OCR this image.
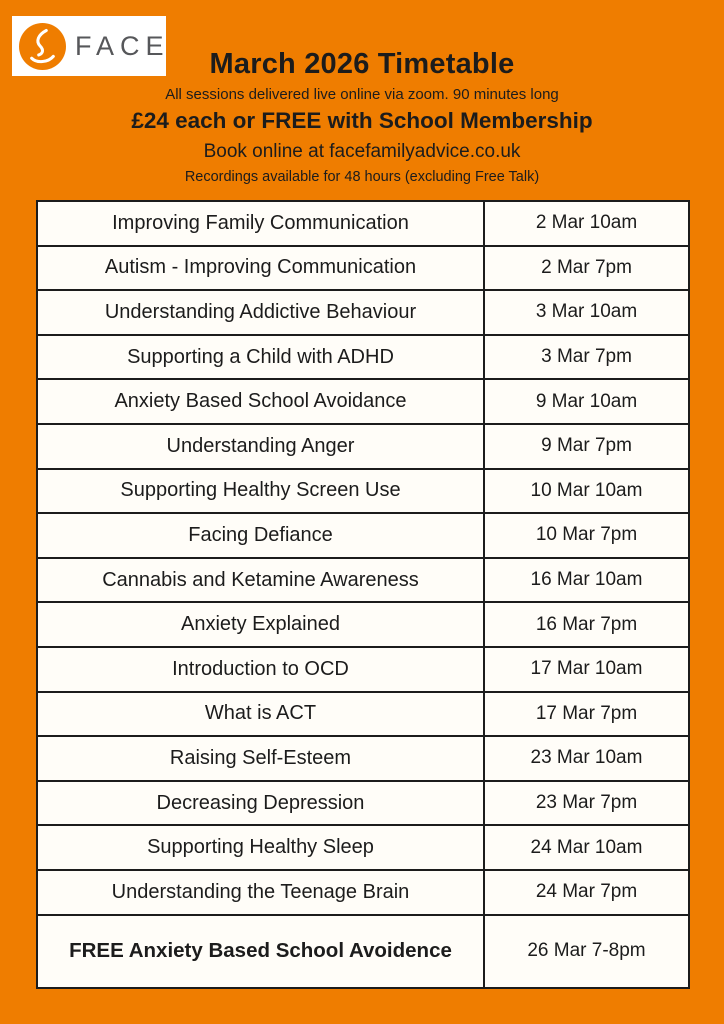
FACE
March 2026 Timetable

All sessions delivered live online via zoom. 90 minutes long

£24 each or FREE with School Membership

Book online at facefamilyadvice.co.uk

Recordings available for 48 hours (excluding Free Talk)

Improving Family Communication	2 Mar 10am
Autism - Improving Communication	2 Mar 7pm
Understanding Addictive Behaviour	3 Mar 10am
Supporting a Child with ADHD	3 Mar 7pm
Anxiety Based School Avoidance	9 Mar 10am
Understanding Anger	9 Mar 7pm
Supporting Healthy Screen Use	10 Mar 10am
Facing Defiance	10 Mar 7pm
Cannabis and Ketamine Awareness	16 Mar 10am
Anxiety Explained	16 Mar 7pm
Introduction to OCD	17 Mar 10am
What is ACT	17 Mar 7pm
Raising Self-Esteem	23 Mar 10am
Decreasing Depression	23 Mar 7pm
Supporting Healthy Sleep	24 Mar 10am
Understanding the Teenage Brain	24 Mar 7pm
FREE Anxiety Based School Avoidence	26 Mar 7-8pm
